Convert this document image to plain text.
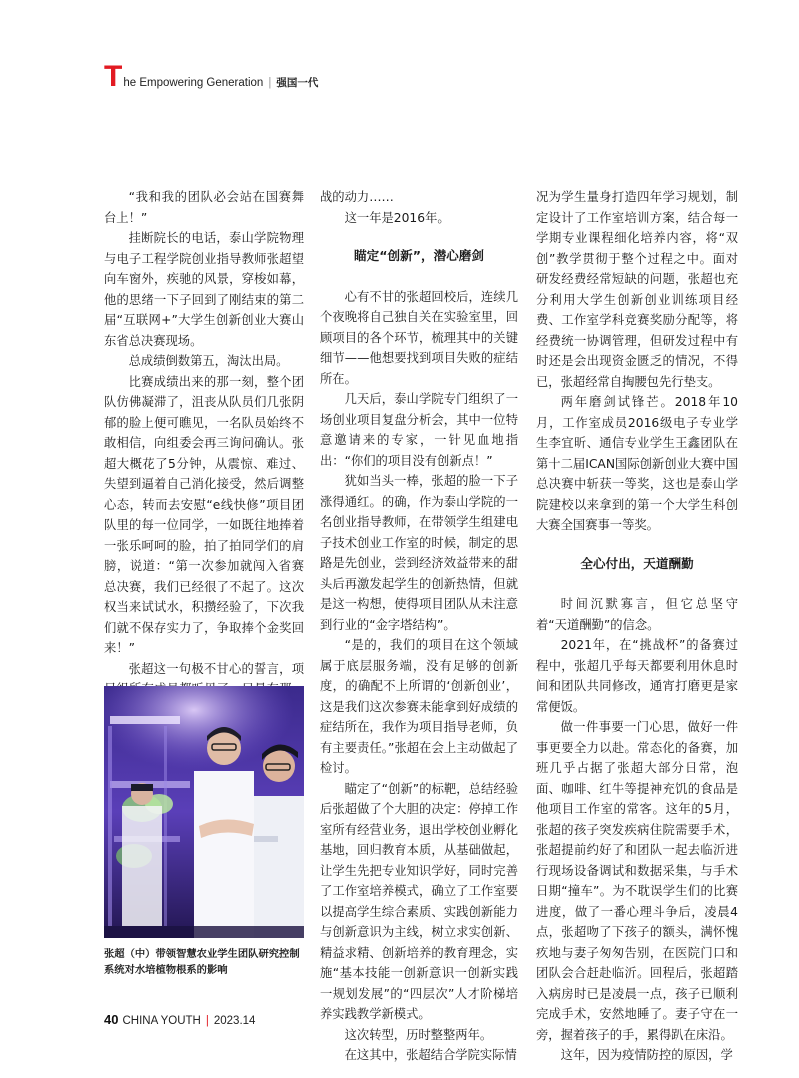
T he Empowering Generation | 强国一代

“我和我的团队必会站在国赛舞台上！”

挂断院长的电话，泰山学院物理与电子工程学院创业指导教师张超望向车窗外，疾驰的风景，穿梭如幕，他的思绪一下子回到了刚结束的第二届“互联网+”大学生创新创业大赛山东省总决赛现场。

总成绩倒数第五，淘汰出局。

比赛成绩出来的那一刻，整个团队仿佛凝滞了，沮丧从队员们几张阴郁的脸上便可瞧见，一名队员始终不敢相信，向组委会再三询问确认。张超大概花了5分钟，从震惊、难过、失望到逼着自己消化接受，然后调整心态，转而去安慰“e线快修”项目团队里的每一位同学，一如既往地捧着一张乐呵呵的脸，拍了拍同学们的肩膀，说道：“第一次参加就闯入省赛总决赛，我们已经很了不起了。这次权当来试试水，积攒经验了，下次我们就不保存实力了，争取捧个金奖回来！”

张超这一句极不甘心的誓言，项

张超（中）带领智慧农业学生团队研究控制系统对水培植物根系的影响

战的动力……

这一年是2016年。

瞄定“创新”，潜心磨剑

心有不甘的张超回校后，连续几个夜晚将自己独自关在实验室里，回顾项目的各个环节，梳理其中的关键细节——他想要找到项目失败的症结所在。

几天后，泰山学院专门组织了一场创业项目复盘分析会，其中一位特意邀请来的专家，一针见血地指出：“你们的项目没有创新点！”

犹如当头一棒，张超的脸一下子涨得通红。的确，作为泰山学院的一名创业指导教师，在带领学生组建电子技术创业工作室的时候，制定的思路是先创业，尝到经济效益带来的甜头后再激发起学生的创新热情，但就是这一构想，使得项目团队从未注意到行业的“金字塔结构”。

“是的，我们的项目在这个领域属于底层服务端，没有足够的创新度，的确配不上所谓的‘创新创业’，这是我们这次参赛未能拿到好成绩的症结所在，我作为项目指导老师，负有主要责任。”张超在会上主动做起了检讨。

瞄定了“创新”的标靶，总结经验后张超做了个大胆的决定：停掉工作室所有经营业务，退出学校创业孵化基地，回归教育本质，从基础做起，让学生先把专业知识学好，同时完善了工作室培养模式，确立了工作室要以提高学生综合素质、实践创新能力与创新意识为主线，树立求实创新、精益求精、创新培养的教育理念，实施“基本技能一创新意识一创新实践一规划发展”的“四层次”人才阶梯培养实践教学新模式。

这次转型，历时整整两年。

在这其中，张超结合学院实际情

况为学生量身打造四年学习规划，制定设计了工作室培训方案，结合每一学期专业课程细化培养内容，将“双创”教学贯彻于整个过程之中。面对研发经费经常短缺的问题，张超也充分利用大学生创新创业训练项目经费、工作室学科竞赛奖励分配等，将经费统一协调管理，但研发过程中有时还是会出现资金匮乏的情况，不得已，张超经常自掏腰包先行垫支。

两年磨剑试锋芒。2018年10月，工作室成员2016级电子专业学生李宜昕、通信专业学生王鑫团队在第十二届ICAN国际创新创业大赛中国总决赛中斩获一等奖，这也是泰山学院建校以来拿到的第一个大学生科创大赛全国赛事一等奖。

全心付出，天道酬勤

时间沉默寡言，但它总坚守着“天道酬勤”的信念。

2021年，在“挑战杯”的备赛过程中，张超几乎每天都要利用休息时间和团队共同修改，通宵打磨更是家常便饭。

做一件事要一门心思，做好一件事更要全力以赴。常态化的备赛，加班几乎占据了张超大部分日常，泡面、咖啡、红牛等提神充饥的食品是他项目工作室的常客。这年的5月，张超的孩子突发疾病住院需要手术，张超提前约好了和团队一起去临沂进行现场设备调试和数据采集，与手术日期“撞车”。为不耽误学生们的比赛进度，做了一番心理斗争后，凌晨4点，张超吻了下孩子的额头，满怀愧疚地与妻子匆匆告别，在医院门口和团队会合赶赴临沂。回程后，张超踏入病房时已是凌晨一点，孩子已顺利完成手术，安然地睡了。妻子守在一旁，握着孩子的手，累得趴在床沿。

这年，因为疫情防控的原因，学

40 CHINA YOUTH | 2023.14
